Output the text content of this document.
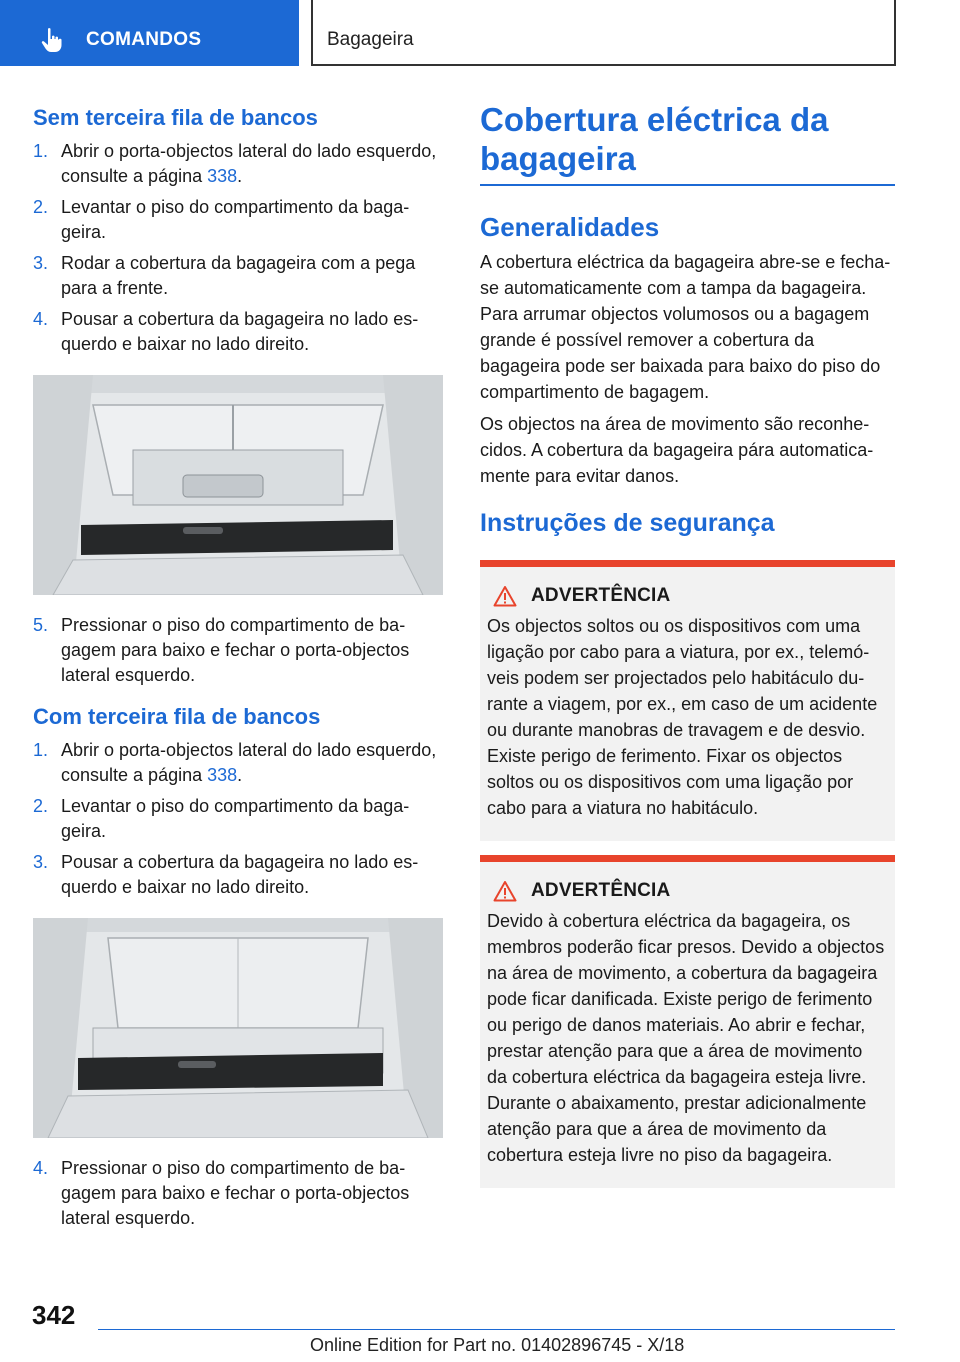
COMANDOS	Bagageira
Sem terceira fila de bancos
1. Abrir o porta-objectos lateral do lado esquerdo, consulte a página 338.
2. Levantar o piso do compartimento da bagageira.
3. Rodar a cobertura da bagageira com a pega para a frente.
4. Pousar a cobertura da bagageira no lado esquerdo e baixar no lado direito.
5. Pressionar o piso do compartimento de bagagem para baixo e fechar o porta-objectos lateral esquerdo.
Com terceira fila de bancos
1. Abrir o porta-objectos lateral do lado esquerdo, consulte a página 338.
2. Levantar o piso do compartimento da bagageira.
3. Pousar a cobertura da bagageira no lado esquerdo e baixar no lado direito.
4. Pressionar o piso do compartimento de bagagem para baixo e fechar o porta-objectos lateral esquerdo.
Cobertura eléctrica da bagageira
Generalidades

A cobertura eléctrica da bagageira abre-se e fecha-se automaticamente com a tampa da bagageira. Para arrumar objectos volumosos ou a bagagem grande é possível remover a cobertura da bagageira pode ser baixada para baixo do piso do compartimento de bagagem.

Os objectos na área de movimento são reconhecidos. A cobertura da bagageira pára automaticamente para evitar danos.

Instruções de segurança
ADVERTÊNCIA
Os objectos soltos ou os dispositivos com uma ligação por cabo para a viatura, por ex., telemóveis podem ser projectados pelo habitáculo durante a viagem, por ex., em caso de um acidente ou durante manobras de travagem e de desvio. Existe perigo de ferimento. Fixar os objectos soltos ou os dispositivos com uma ligação por cabo para a viatura no habitáculo.
ADVERTÊNCIA
Devido à cobertura eléctrica da bagageira, os membros poderão ficar presos. Devido a objectos na área de movimento, a cobertura da bagageira pode ficar danificada. Existe perigo de ferimento ou perigo de danos materiais. Ao abrir e fechar, prestar atenção para que a área de movimento da cobertura eléctrica da bagageira esteja livre. Durante o abaixamento, prestar adicionalmente atenção para que a área de movimento da cobertura esteja livre no piso da bagageira.
342
Online Edition for Part no. 01402896745 - X/18
